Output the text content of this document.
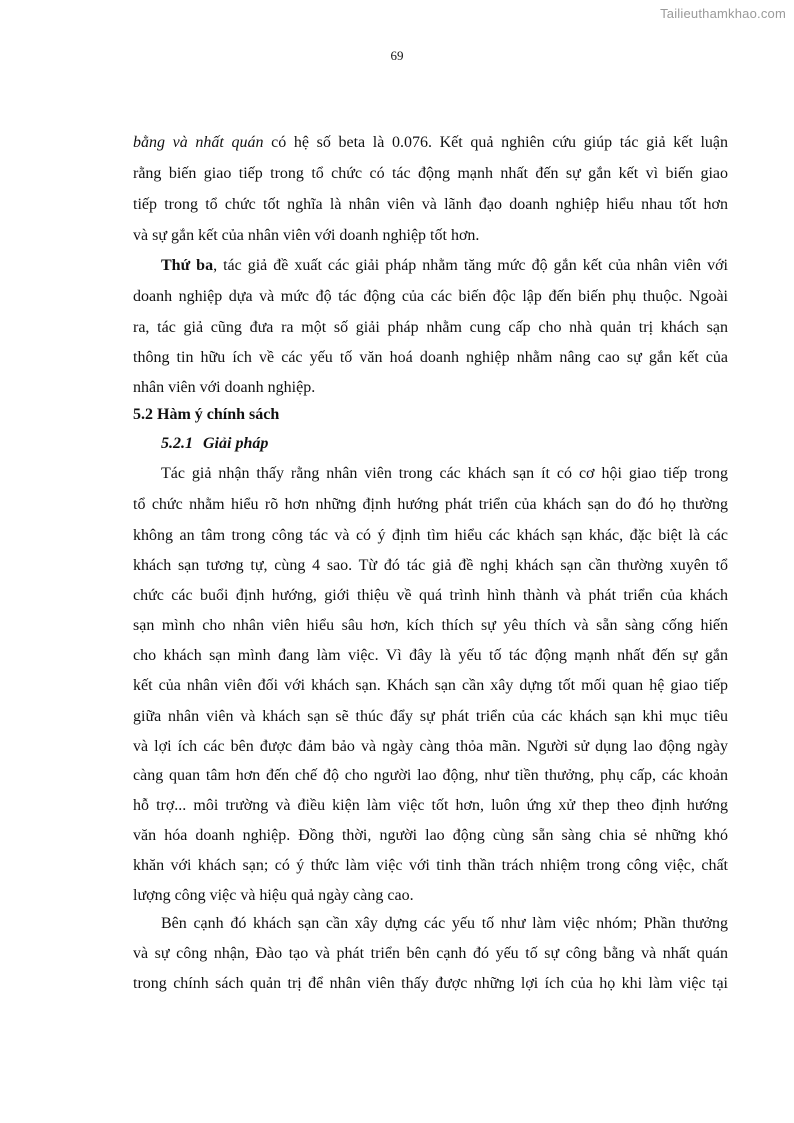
Tailieuthamkhao.com
69
bằng và nhất quán có hệ số beta là 0.076. Kết quả nghiên cứu giúp tác giả kết luận
rằng biến giao tiếp trong tổ chức có tác động mạnh nhất đến sự gắn kết vì biến giao
tiếp trong tổ chức tốt nghĩa là nhân viên và lãnh đạo doanh nghiệp hiểu nhau tốt hơn
và sự gắn kết của nhân viên với doanh nghiệp tốt hơn.
Thứ ba, tác giả đề xuất các giải pháp nhằm tăng mức độ gắn kết của nhân viên với
doanh nghiệp dựa và mức độ tác động của các biến độc lập đến biến phụ thuộc. Ngoài
ra, tác giả cũng đưa ra một số giải pháp nhằm cung cấp cho nhà quản trị khách sạn
thông tin hữu ích về các yếu tố văn hoá doanh nghiệp nhằm nâng cao sự gắn kết của
nhân viên với doanh nghiệp.
5.2 Hàm ý chính sách
5.2.1 Giải pháp
Tác giả nhận thấy rằng nhân viên trong các khách sạn ít có cơ hội giao tiếp trong
tổ chức nhằm hiểu rõ hơn những định hướng phát triển của khách sạn do đó họ thường
không an tâm trong công tác và có ý định tìm hiểu các khách sạn khác, đặc biệt là các
khách sạn tương tự, cùng 4 sao. Từ đó tác giả đề nghị khách sạn cần thường xuyên tổ
chức các buổi định hướng, giới thiệu về quá trình hình thành và phát triển của khách
sạn mình cho nhân viên hiểu sâu hơn, kích thích sự yêu thích và sẵn sàng cống hiến
cho khách sạn mình đang làm việc. Vì đây là yếu tố tác động mạnh nhất đến sự gắn
kết của nhân viên đối với khách sạn. Khách sạn cần xây dựng tốt mối quan hệ giao tiếp
giữa nhân viên và khách sạn sẽ thúc đẩy sự phát triển của các khách sạn khi mục tiêu
và lợi ích các bên được đảm bảo và ngày càng thỏa mãn. Người sử dụng lao động ngày
càng quan tâm hơn đến chế độ cho người lao động, như tiền thưởng, phụ cấp, các khoản
hỗ trợ... môi trường và điều kiện làm việc tốt hơn, luôn ứng xử thep theo định hướng
văn hóa doanh nghiệp. Đồng thời, người lao động cùng sẵn sàng chia sẻ những khó
khăn với khách sạn; có ý thức làm việc với tinh thần trách nhiệm trong công việc, chất
lượng công việc và hiệu quả ngày càng cao.
Bên cạnh đó khách sạn cần xây dựng các yếu tố như làm việc nhóm; Phần thưởng
và sự công nhận, Đào tạo và phát triển bên cạnh đó yếu tố sự công bằng và nhất quán
trong chính sách quản trị để nhân viên thấy được những lợi ích của họ khi làm việc tại
